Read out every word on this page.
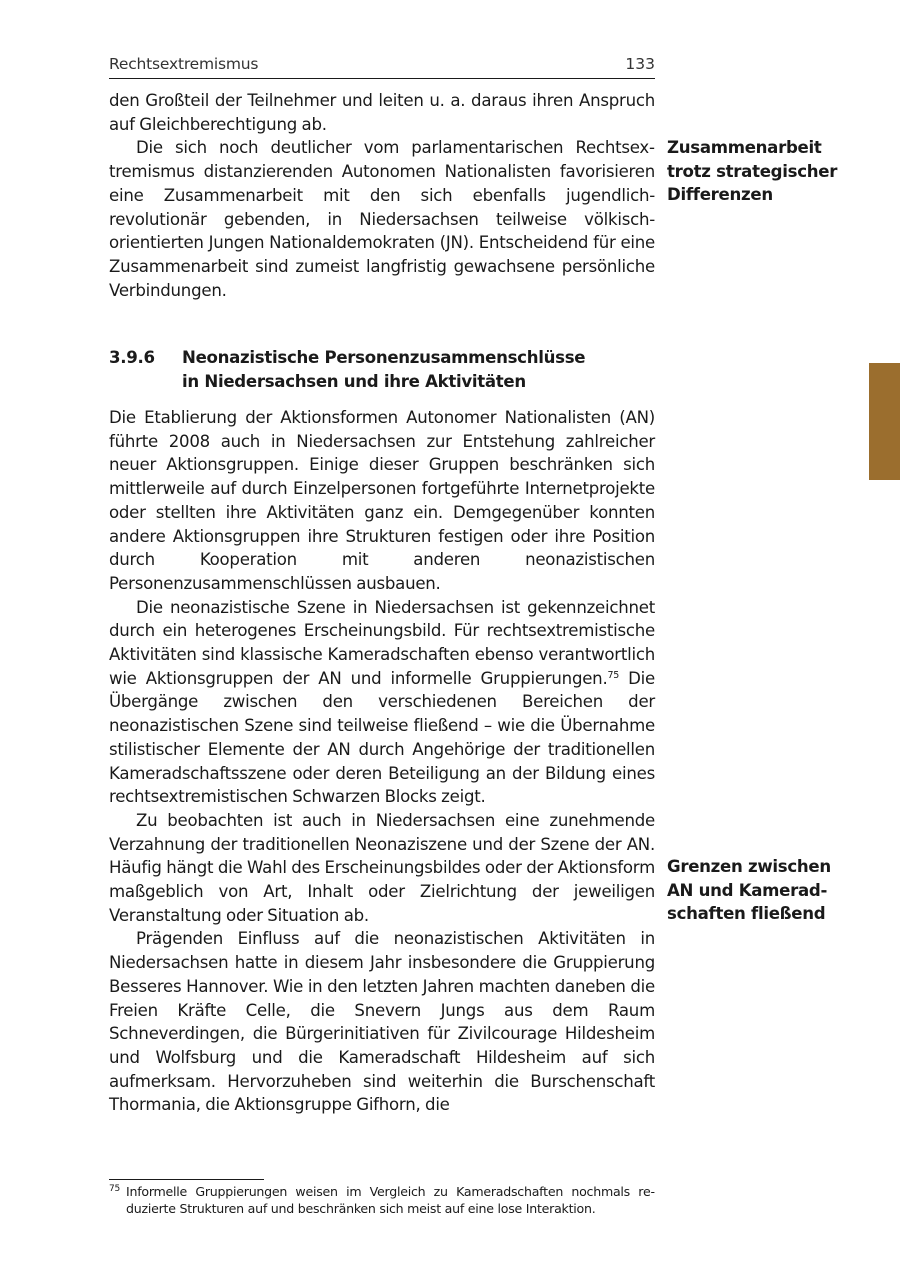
Rechtsextremismus	133

den Großteil der Teilnehmer und leiten u. a. daraus ihren Anspruch auf Gleichberechtigung ab.

Die sich noch deutlicher vom parlamentarischen Rechtsextremismus distanzierenden Autonomen Nationalisten favorisieren eine Zusammenarbeit mit den sich ebenfalls jugendlich-revolutionär gebenden, in Niedersachsen teilweise völkisch-orientierten Jungen Nationaldemokraten (JN). Entscheidend für eine Zusammenarbeit sind zumeist langfristig gewachsene persönliche Verbindungen.

Zusammenarbeit
trotz strategischer
Differenzen
3.9.6 Neonazistische Personenzusammenschlüsse
in Niedersachsen und ihre Aktivitäten

Die Etablierung der Aktionsformen Autonomer Nationalisten (AN) führte 2008 auch in Niedersachsen zur Entstehung zahlreicher neuer Aktionsgruppen. Einige dieser Gruppen beschränken sich mittlerweile auf durch Einzelpersonen fortgeführte Internetprojekte oder stellten ihre Aktivitäten ganz ein. Demgegenüber konnten andere Aktionsgruppen ihre Strukturen festigen oder ihre Position durch Kooperation mit anderen neonazistischen Personenzusammenschlüssen ausbauen.

Die neonazistische Szene in Niedersachsen ist gekennzeichnet durch ein heterogenes Erscheinungsbild. Für rechtsextremistische Aktivitäten sind klassische Kameradschaften ebenso verantwortlich wie Aktionsgruppen der AN und informelle Gruppierungen.$^{75}$ Die Übergänge zwischen den verschiedenen Bereichen der neonazistischen Szene sind teilweise fließend – wie die Übernahme stilistischer Elemente der AN durch Angehörige der traditionellen Kameradschaftsszene oder deren Beteiligung an der Bildung eines rechtsextremistischen Schwarzen Blocks zeigt.

Zu beobachten ist auch in Niedersachsen eine zunehmende Verzahnung der traditionellen Neonaziszene und der Szene der AN. Häufig hängt die Wahl des Erscheinungsbildes oder der Aktionsform maßgeblich von Art, Inhalt oder Zielrichtung der jeweiligen Veranstaltung oder Situation ab.

Prägenden Einfluss auf die neonazistischen Aktivitäten in Niedersachsen hatte in diesem Jahr insbesondere die Gruppierung Besseres Hannover. Wie in den letzten Jahren machten daneben die Freien Kräfte Celle, die Snevern Jungs aus dem Raum Schneverdingen, die Bürgerinitiativen für Zivilcourage Hildesheim und Wolfsburg und die Kameradschaft Hildesheim auf sich aufmerksam. Hervorzuheben sind weiterhin die Burschenschaft Thormania, die Aktionsgruppe Gifhorn, die

Grenzen zwischen
AN und Kamerad-
schaften fließend
75 Informelle Gruppierungen weisen im Vergleich zu Kameradschaften nochmals reduzierte Strukturen auf und beschränken sich meist auf eine lose Interaktion.
